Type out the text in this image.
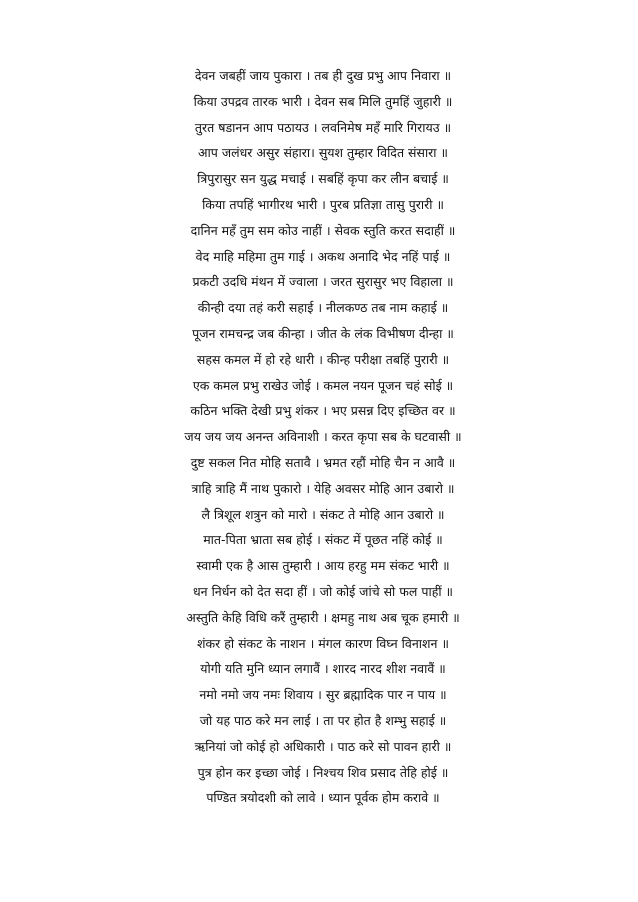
देवन जबहीं जाय पुकारा । तब ही दुख प्रभु आप निवारा ॥
किया उपद्रव तारक भारी । देवन सब मिलि तुमहिं जुहारी ॥
तुरत षडानन आप पठायउ । लवनिमेष महँ मारि गिरायउ ॥
आप जलंधर असुर संहारा। सुयश तुम्हार विदित संसारा ॥
त्रिपुरासुर सन युद्ध मचाई । सबहिं कृपा कर लीन बचाई ॥
किया तपहिं भागीरथ भारी । पुरब प्रतिज्ञा तासु पुरारी ॥
दानिन महँ तुम सम कोउ नाहीं । सेवक स्तुति करत सदाहीं ॥
वेद माहि महिमा तुम गाई । अकथ अनादि भेद नहिं पाई ॥
प्रकटी उदधि मंथन में ज्वाला । जरत सुरासुर भए विहाला ॥
कीन्ही दया तहं करी सहाई । नीलकण्ठ तब नाम कहाई ॥
पूजन रामचन्द्र जब कीन्हा । जीत के लंक विभीषण दीन्हा ॥
सहस कमल में हो रहे धारी । कीन्ह परीक्षा तबहिं पुरारी ॥
एक कमल प्रभु राखेउ जोई । कमल नयन पूजन चहं सोई ॥
कठिन भक्ति देखी प्रभु शंकर । भए प्रसन्न दिए इच्छित वर ॥
जय जय जय अनन्त अविनाशी । करत कृपा सब के घटवासी ॥
दुष्ट सकल नित मोहि सतावै । भ्रमत रहौं मोहि चैन न आवै ॥
त्राहि त्राहि मैं नाथ पुकारो । येहि अवसर मोहि आन उबारो ॥
लै त्रिशूल शत्रुन को मारो । संकट ते मोहि आन उबारो ॥
मात-पिता भ्राता सब होई । संकट में पूछत नहिं कोई ॥
स्वामी एक है आस तुम्हारी । आय हरहु मम संकट भारी ॥
धन निर्धन को देत सदा हीं । जो कोई जांचे सो फल पाहीं ॥
अस्तुति केहि विधि करैं तुम्हारी । क्षमहु नाथ अब चूक हमारी ॥
शंकर हो संकट के नाशन । मंगल कारण विघ्न विनाशन ॥
योगी यति मुनि ध्यान लगावैं । शारद नारद शीश नवावैं ॥
नमो नमो जय नमः शिवाय । सुर ब्रह्मादिक पार न पाय ॥
जो यह पाठ करे मन लाई । ता पर होत है शम्भु सहाई ॥
ऋनियां जो कोई हो अधिकारी । पाठ करे सो पावन हारी ॥
पुत्र होन कर इच्छा जोई । निश्चय शिव प्रसाद तेहि होई ॥
पण्डित त्रयोदशी को लावे । ध्यान पूर्वक होम करावे ॥
